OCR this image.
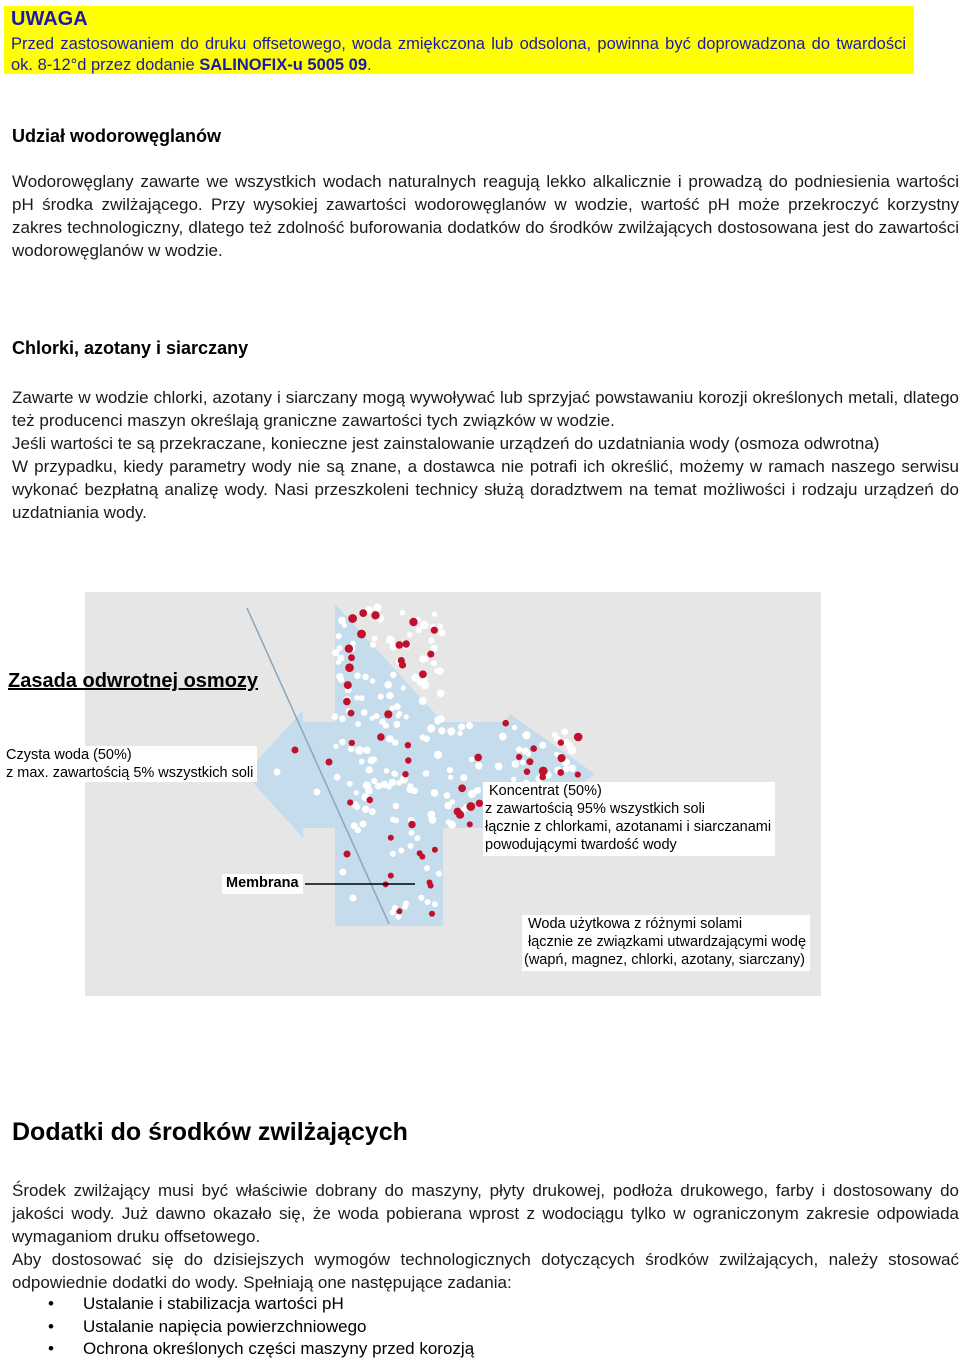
UWAGA
Przed zastosowaniem do druku offsetowego, woda zmiękczona lub odsolona, powinna być doprowadzona do twardości ok. 8-12°d przez dodanie SALINOFIX-u 5005 09.
Udział wodorowęglanów

Wodorowęglany zawarte we wszystkich wodach naturalnych reagują lekko alkalicznie i prowadzą do podniesienia wartości pH środka zwilżającego. Przy wysokiej zawartości wodorowęglanów w wodzie, wartość pH może przekroczyć korzystny zakres technologiczny, dlatego też zdolność buforowania dodatków do środków zwilżających dostosowana jest do zawartości wodorowęglanów w wodzie.

Chlorki, azotany i siarczany

Zawarte w wodzie chlorki, azotany i siarczany mogą wywoływać lub sprzyjać powstawaniu korozji określonych metali, dlatego też producenci maszyn określają graniczne zawartości tych związków w wodzie.

Jeśli wartości te są przekraczane, konieczne jest zainstalowanie urządzeń do uzdatniania wody (osmoza odwrotna)

W przypadku, kiedy parametry wody nie są znane, a dostawca nie potrafi ich określić, możemy w ramach naszego serwisu wykonać bezpłatną analizę wody. Nasi przeszkoleni technicy służą doradztwem na temat możliwości i rodzaju urządzeń do uzdatniania wody.

Zasada odwrotnej osmozy
Czysta woda (50%)
z max. zawartością 5% wszystkich soli
Koncentrat (50%)
z zawartością 95% wszystkich soli
łącznie z chlorkami, azotanami i siarczanami
powodującymi twardość wody
Membrana
Woda użytkowa z różnymi solami
łącznie ze związkami utwardzającymi wodę
(wapń, magnez, chlorki, azotany, siarczany)
Dodatki do środków zwilżających

Środek zwilżający musi być właściwie dobrany do maszyny, płyty drukowej, podłoża drukowego, farby i dostosowany do jakości wody. Już dawno okazało się, że woda pobierana wprost z wodociągu tylko w ograniczonym zakresie odpowiada wymaganiom druku offsetowego.

Aby dostosować się do dzisiejszych wymogów technologicznych dotyczących środków zwilżających, należy stosować odpowiednie dodatki do wody. Spełniają one następujące zadania:

• Ustalanie i stabilizacja wartości pH
• Ustalanie napięcia powierzchniowego
• Ochrona określonych części maszyny przed korozją
